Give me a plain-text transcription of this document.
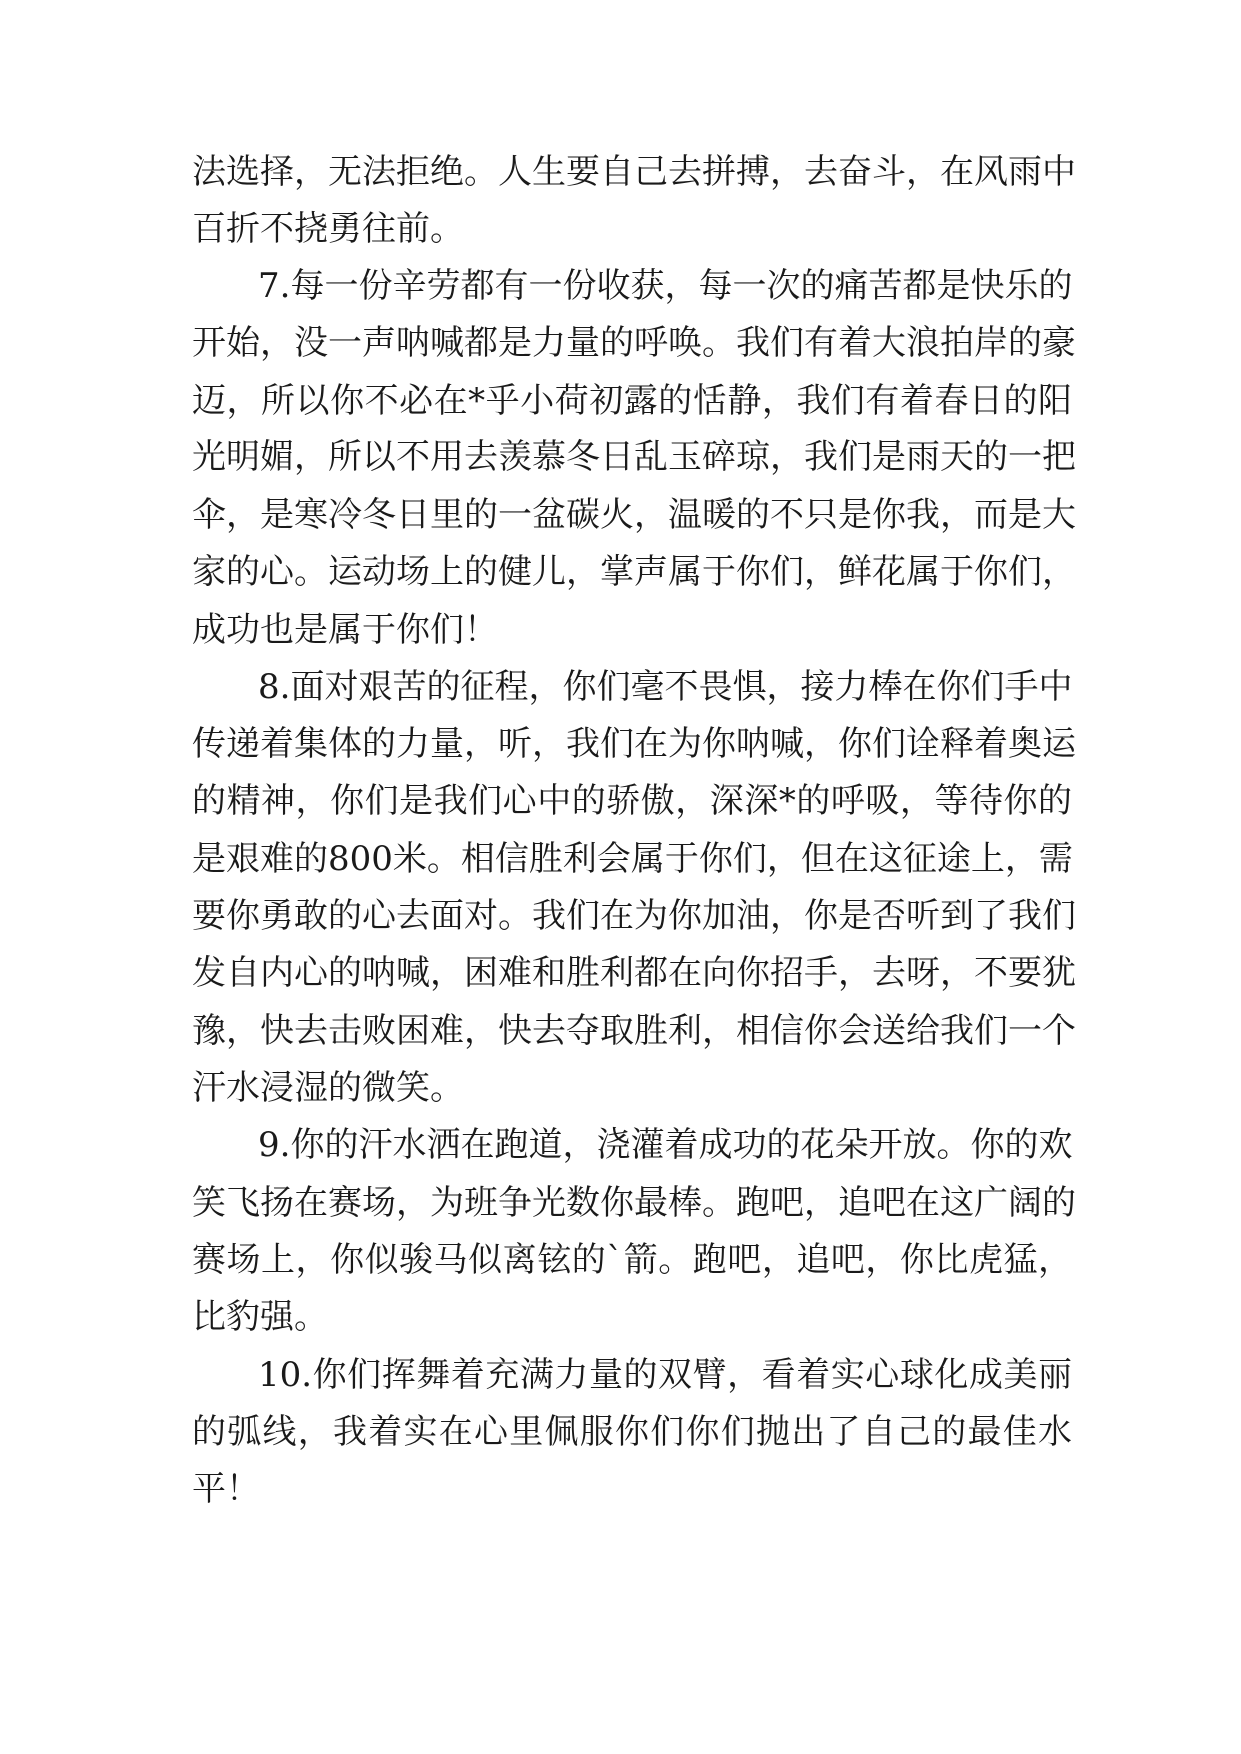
法选择，无法拒绝。人生要自己去拼搏，去奋斗，在风雨中
百折不挠勇往前。
7.每一份辛劳都有一份收获，每一次的痛苦都是快乐的
开始，没一声呐喊都是力量的呼唤。我们有着大浪拍岸的豪
迈，所以你不必在*乎小荷初露的恬静，我们有着春日的阳
光明媚，所以不用去羡慕冬日乱玉碎琼，我们是雨天的一把
伞，是寒冷冬日里的一盆碳火，温暖的不只是你我，而是大
家的心。运动场上的健儿，掌声属于你们，鲜花属于你们，
成功也是属于你们！
8.面对艰苦的征程，你们毫不畏惧，接力棒在你们手中
传递着集体的力量，听，我们在为你呐喊，你们诠释着奥运
的精神，你们是我们心中的骄傲，深深*的呼吸，等待你的
是艰难的800米。相信胜利会属于你们，但在这征途上，需
要你勇敢的心去面对。我们在为你加油，你是否听到了我们
发自内心的呐喊，困难和胜利都在向你招手，去呀，不要犹
豫，快去击败困难，快去夺取胜利，相信你会送给我们一个
汗水浸湿的微笑。
9.你的汗水洒在跑道，浇灌着成功的花朵开放。你的欢
笑飞扬在赛场，为班争光数你最棒。跑吧，追吧在这广阔的
赛场上，你似骏马似离铉的`箭。跑吧，追吧，你比虎猛，
比豹强。
10.你们挥舞着充满力量的双臂，看着实心球化成美丽
的弧线，我着实在心里佩服你们你们抛出了自己的最佳水
平！
